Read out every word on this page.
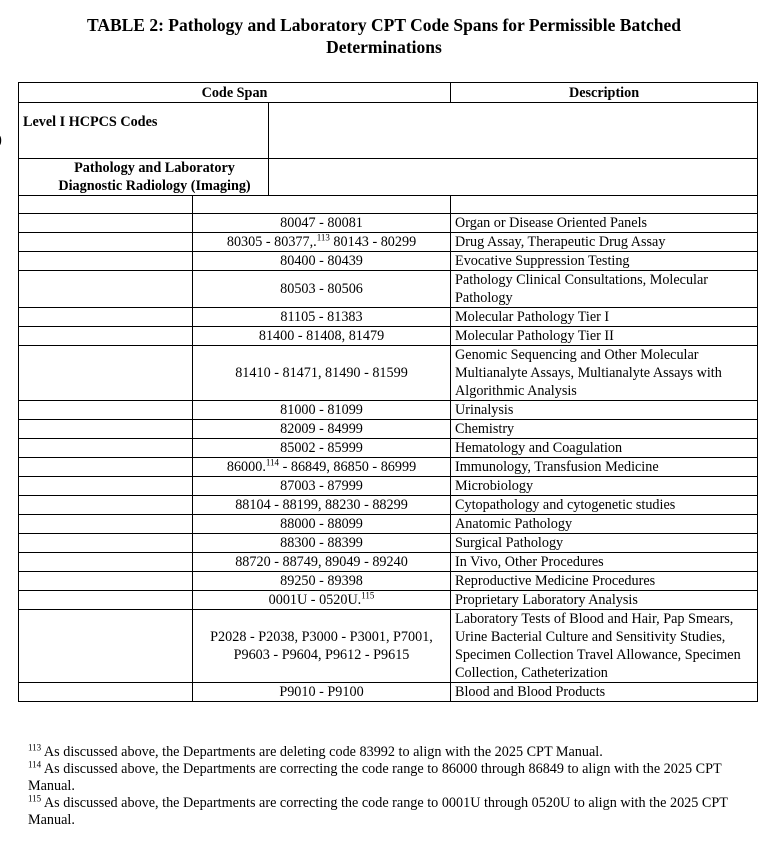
TABLE 2: Pathology and Laboratory CPT Code Spans for Permissible Batched
Determinations
Code Span			Description
Level I HCPCS Codes		

Pathology and Laboratory
Diagnostic Radiology (Imaging)			

	80047 - 80081		Organ or Disease Oriented Panels
	80305 - 80377,.$^{113}$ 80143 - 80299		Drug Assay, Therapeutic Drug Assay
	80400 - 80439		Evocative Suppression Testing
	80503 - 80506		Pathology Clinical Consultations, Molecular Pathology
	81105 - 81383		Molecular Pathology Tier I
	81400 - 81408, 81479		Molecular Pathology Tier II
	81410 - 81471, 81490 - 81599		Genomic Sequencing and Other Molecular Multianalyte Assays, Multianalyte Assays with Algorithmic Analysis
	81000 - 81099		Urinalysis
	82009 - 84999		Chemistry
	85002 - 85999		Hematology and Coagulation
	86000.$^{114}$ - 86849, 86850 - 86999		Immunology, Transfusion Medicine
	87003 - 87999		Microbiology
	88104 - 88199, 88230 - 88299		Cytopathology and cytogenetic studies
	88000 - 88099		Anatomic Pathology
	88300 - 88399		Surgical Pathology
	88720 - 88749, 89049 - 89240		In Vivo, Other Procedures
	89250 - 89398		Reproductive Medicine Procedures
	0001U - 0520U.$^{115}$		Proprietary Laboratory Analysis
	P2028 - P2038, P3000 - P3001, P7001, P9603 - P9604, P9612 - P9615		Laboratory Tests of Blood and Hair, Pap Smears, Urine Bacterial Culture and Sensitivity Studies, Specimen Collection Travel Allowance, Specimen Collection, Catheterization
	P9010 - P9100		Blood and Blood Products
$^{113}$ As discussed above, the Departments are deleting code 83992 to align with the 2025 CPT Manual.
$^{114}$ As discussed above, the Departments are correcting the code range to 86000 through 86849 to align with the 2025 CPT Manual.
$^{115}$ As discussed above, the Departments are correcting the code range to 0001U through 0520U to align with the 2025 CPT Manual.
